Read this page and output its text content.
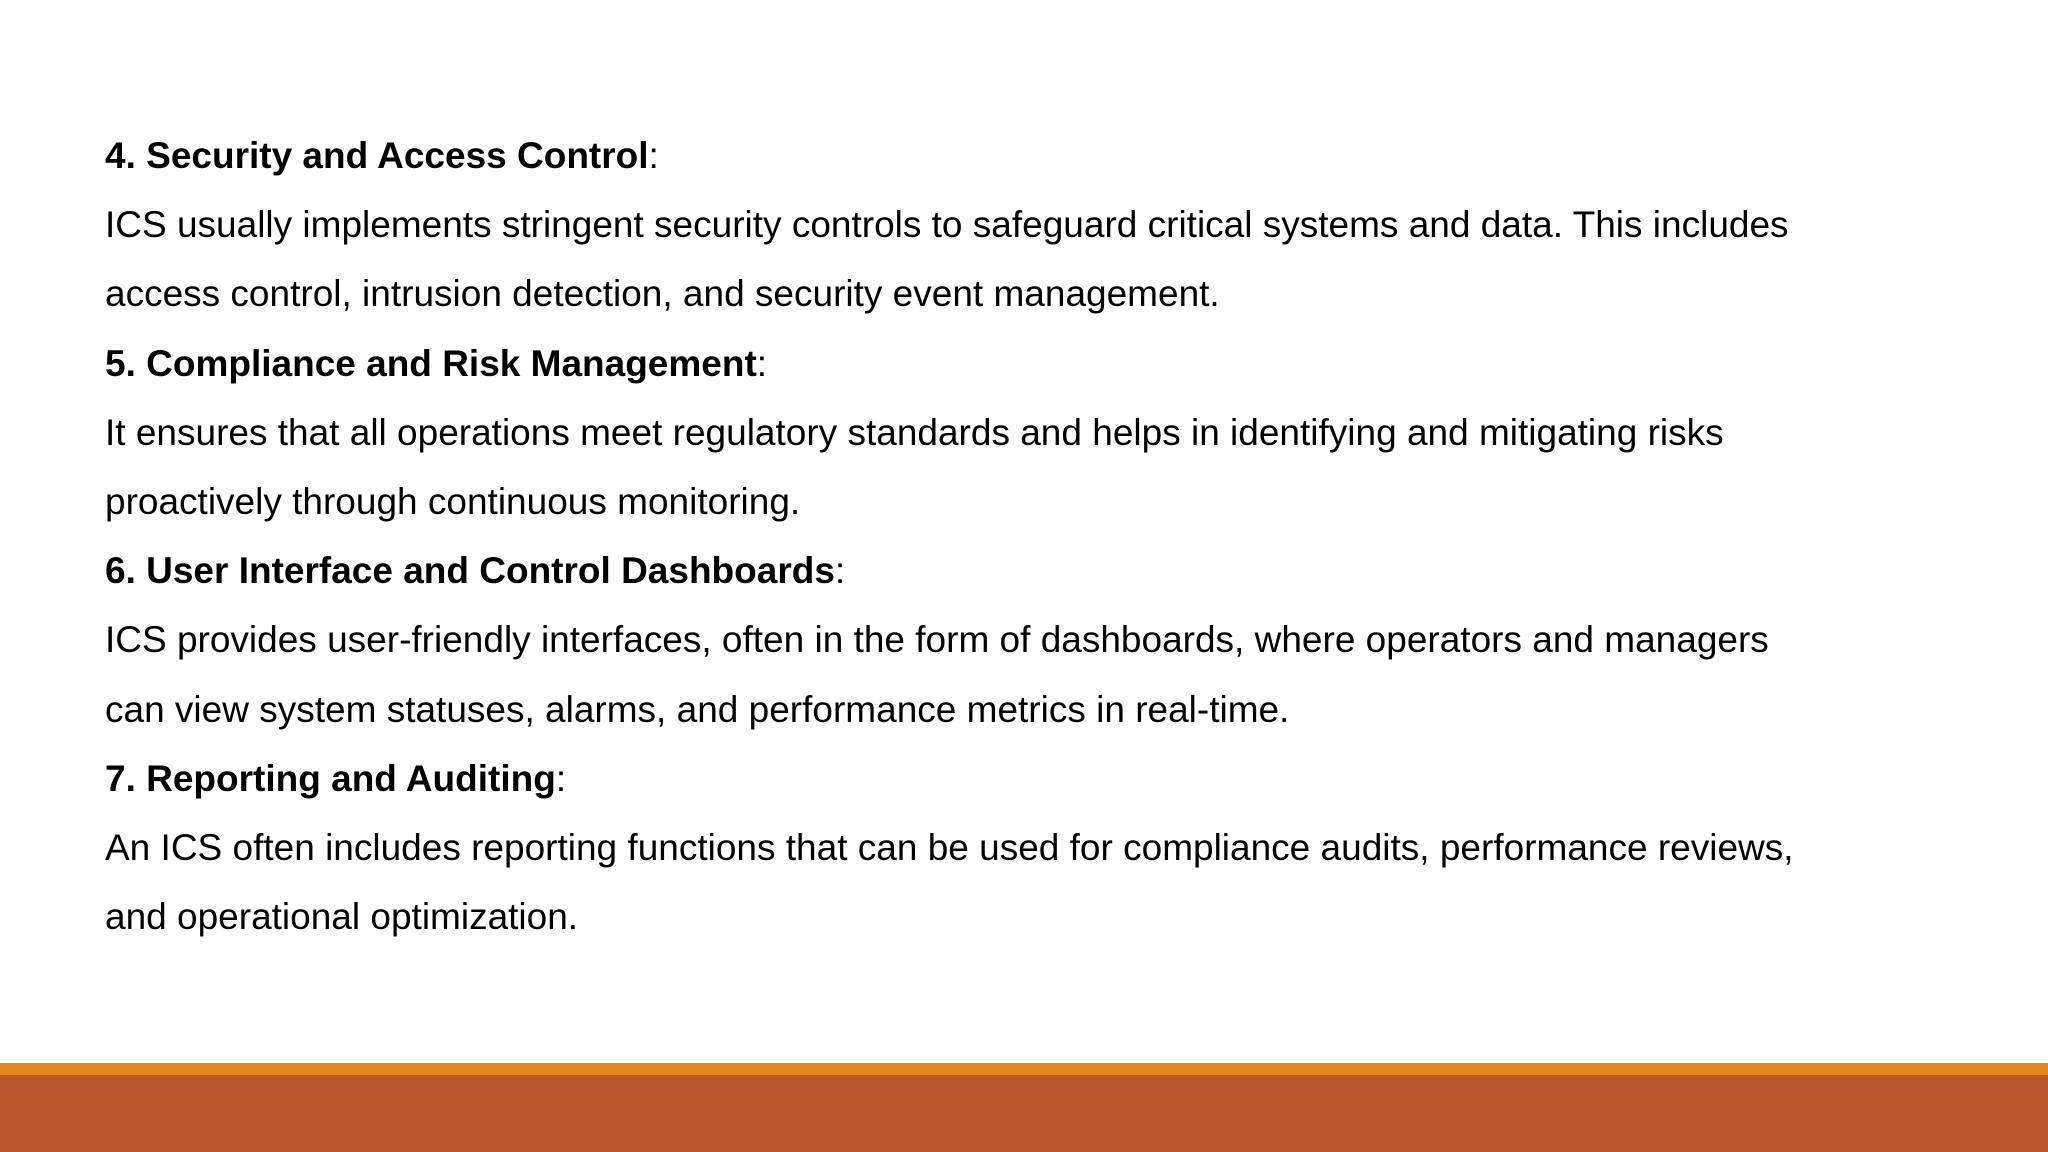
4. Security and Access Control:
ICS usually implements stringent security controls to safeguard critical systems and data. This includes
access control, intrusion detection, and security event management.
5. Compliance and Risk Management:
It ensures that all operations meet regulatory standards and helps in identifying and mitigating risks
proactively through continuous monitoring.
6. User Interface and Control Dashboards:
ICS provides user-friendly interfaces, often in the form of dashboards, where operators and managers
can view system statuses, alarms, and performance metrics in real-time.
7. Reporting and Auditing:
An ICS often includes reporting functions that can be used for compliance audits, performance reviews,
and operational optimization.
